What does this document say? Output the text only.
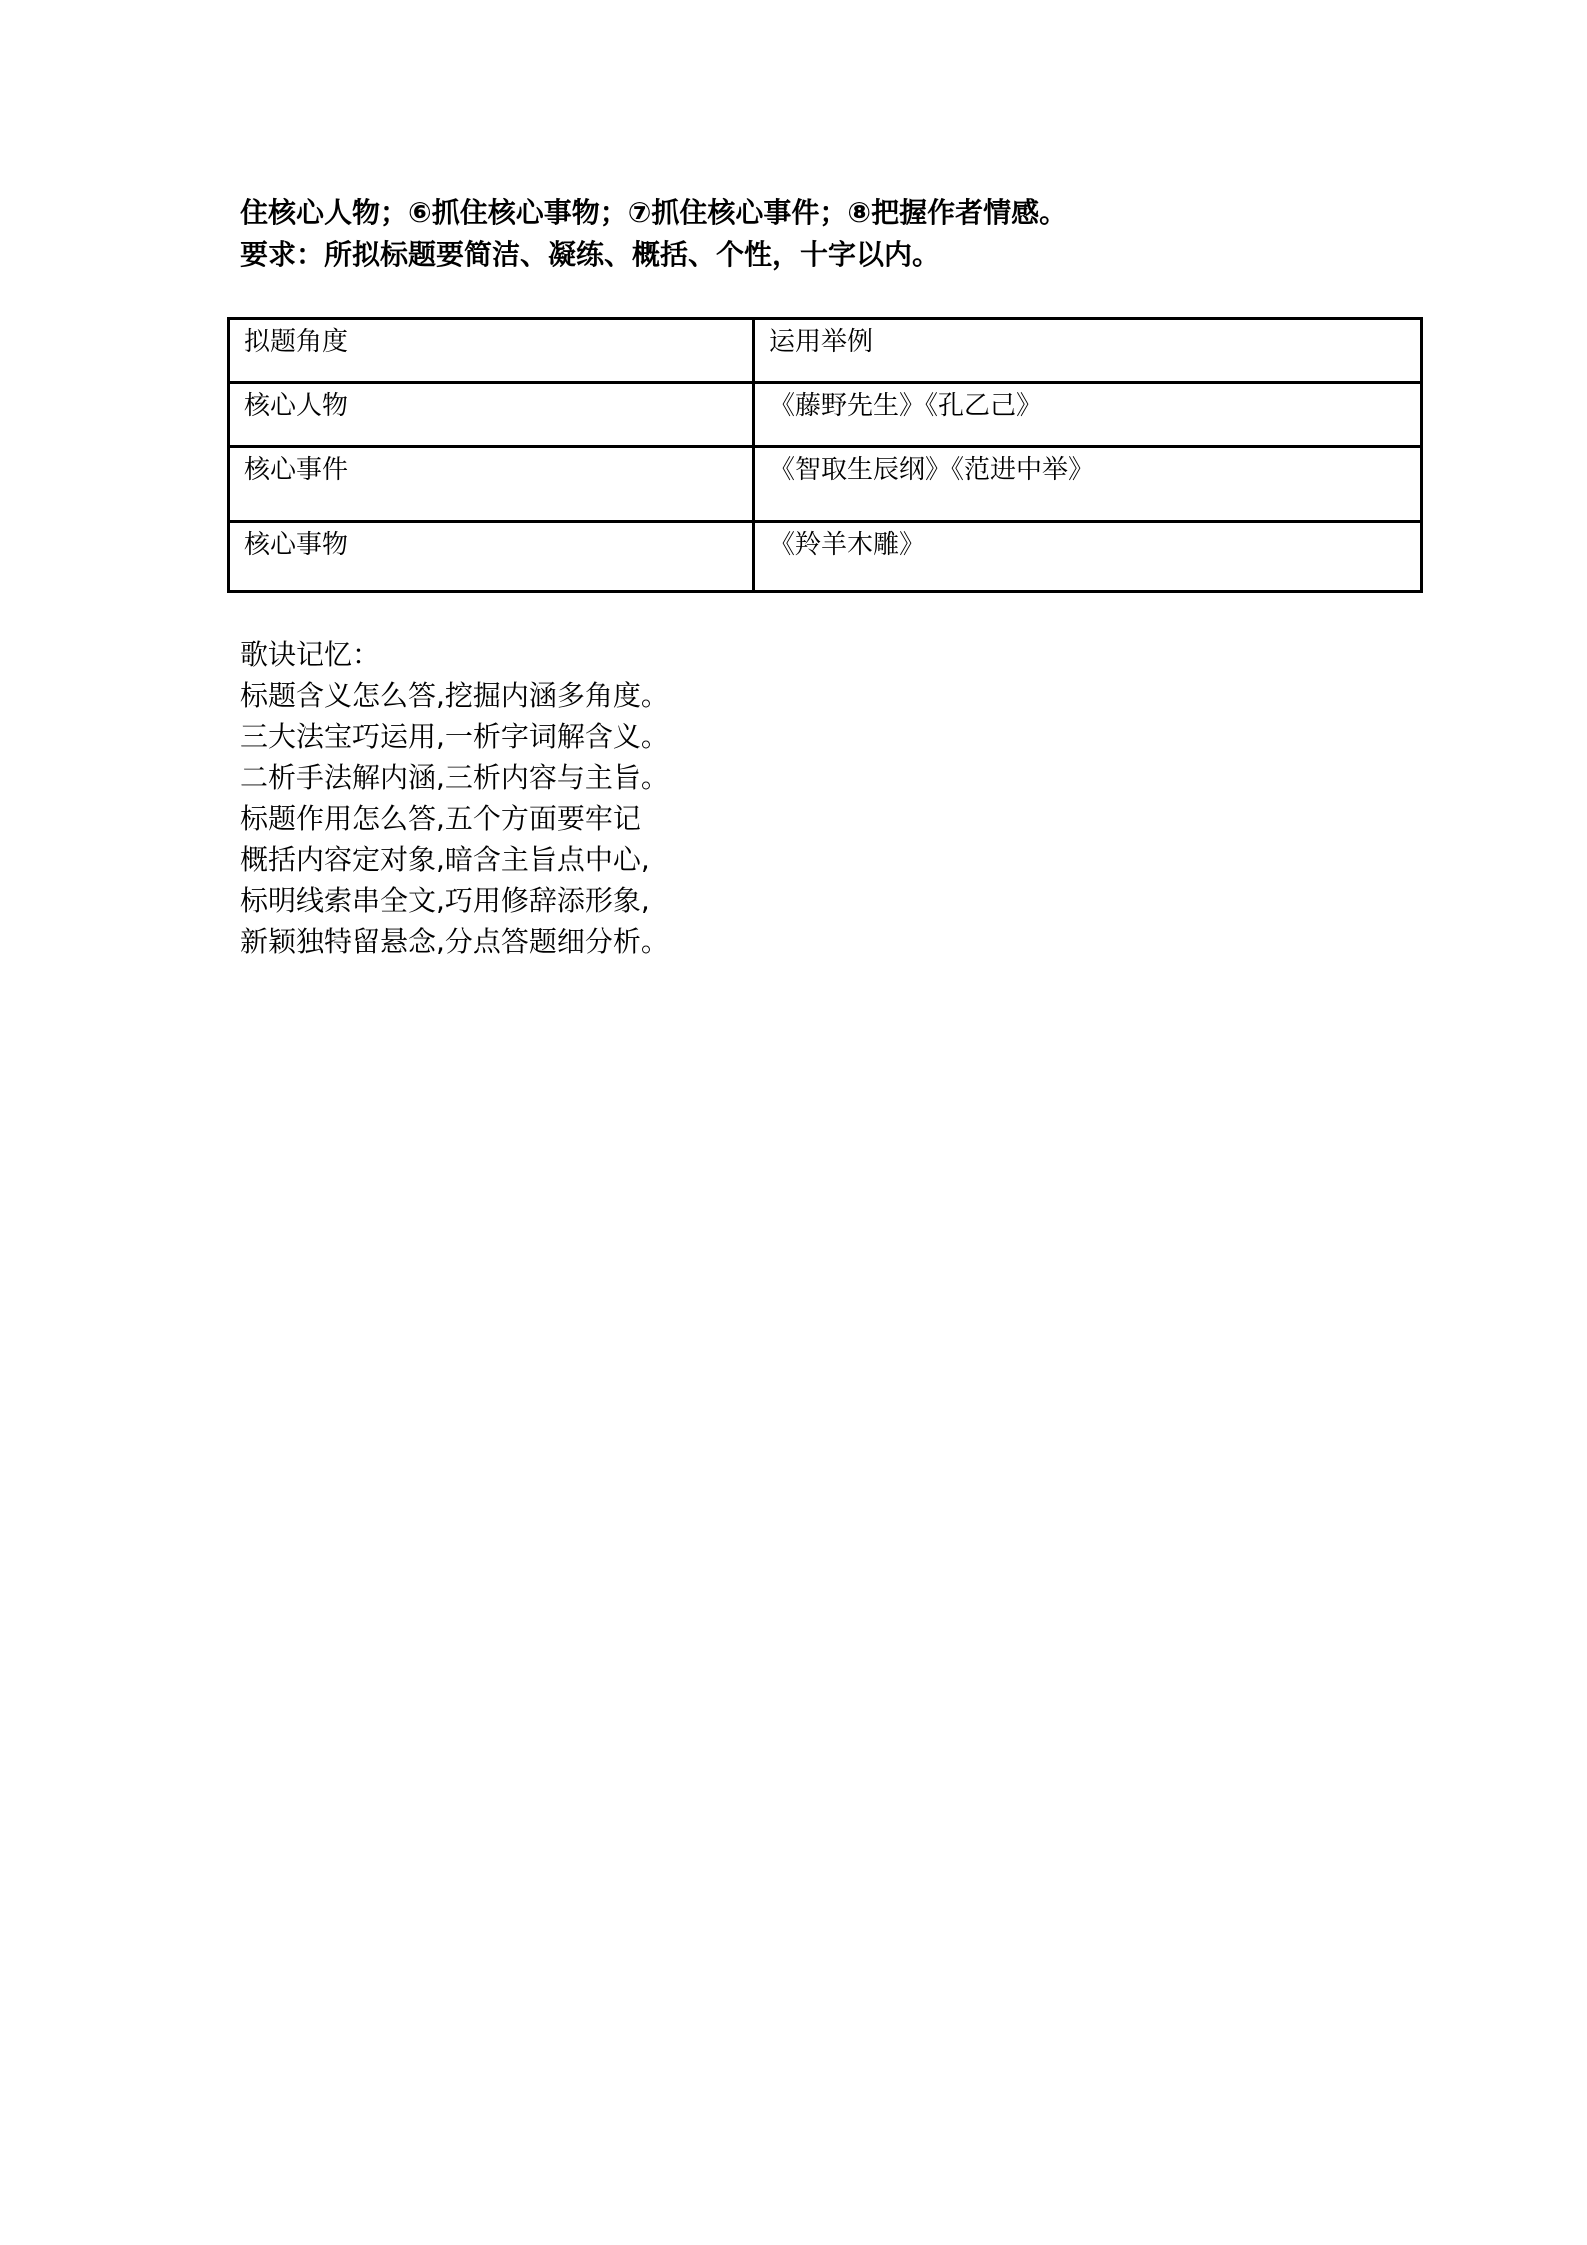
住核心人物；⑥抓住核心事物；⑦抓住核心事件；⑧把握作者情感。

要求：所拟标题要简洁、凝练、概括、个性，十字以内。

拟题角度	运用举例
核心人物	《藤野先生》《孔乙己》
核心事件	《智取生辰纲》《范进中举》
核心事物	《羚羊木雕》

歌诀记忆：

标题含义怎么答,挖掘内涵多角度。

三大法宝巧运用,一析字词解含义。

二析手法解内涵,三析内容与主旨。

标题作用怎么答,五个方面要牢记

概括内容定对象,暗含主旨点中心,

标明线索串全文,巧用修辞添形象,

新颖独特留悬念,分点答题细分析。
